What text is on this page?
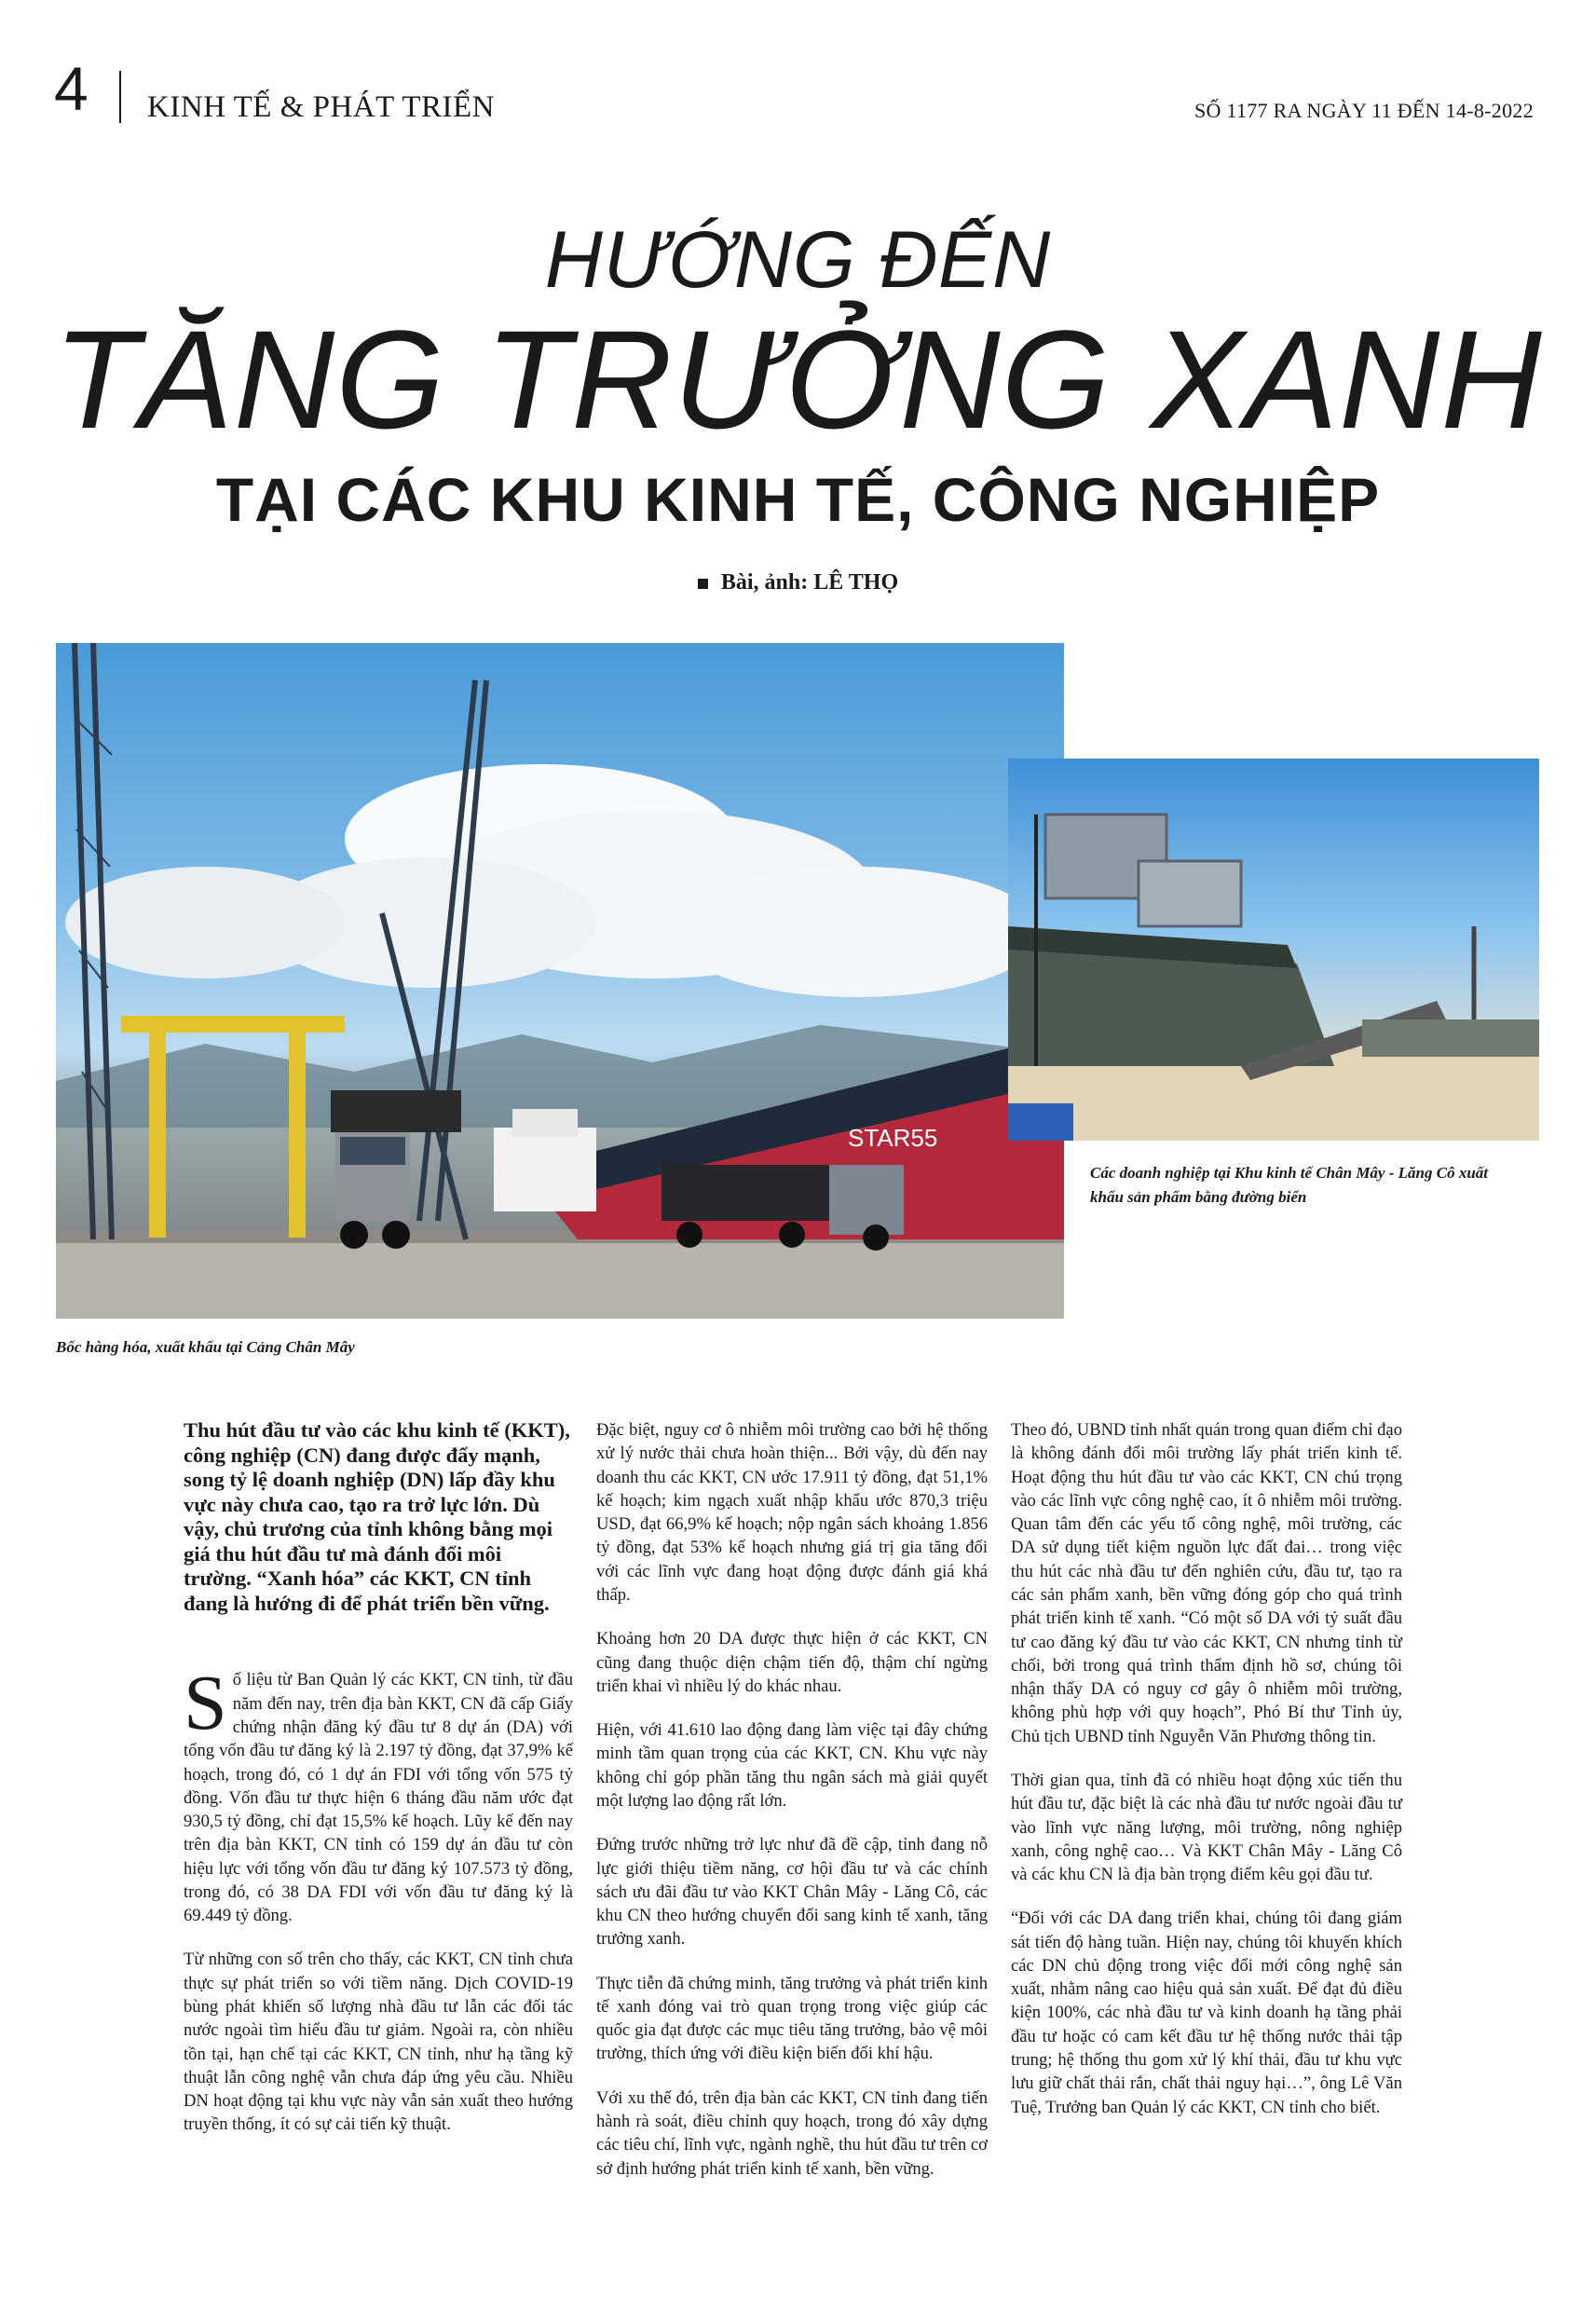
4 KINH TẾ & PHÁT TRIỂN	SỐ 1177 RA NGÀY 11 ĐẾN 14-8-2022
HƯỚNG ĐẾN
TĂNG TRƯỞNG XANH
TẠI CÁC KHU KINH TẾ, CÔNG NGHIỆP
Bài, ảnh: LÊ THỌ
STAR55
Bốc hàng hóa, xuất khẩu tại Cảng Chân Mây
Các doanh nghiệp tại Khu kinh tế Chân Mây - Lăng Cô xuất khẩu sản phẩm bằng đường biển

Thu hút đầu tư vào các khu kinh tế (KKT), công nghiệp (CN) đang được đẩy mạnh, song tỷ lệ doanh nghiệp (DN) lấp đầy khu vực này chưa cao, tạo ra trở lực lớn. Dù vậy, chủ trương của tỉnh không bằng mọi giá thu hút đầu tư mà đánh đổi môi trường. “Xanh hóa” các KKT, CN tỉnh đang là hướng đi để phát triển bền vững.

Số liệu từ Ban Quản lý các KKT, CN tỉnh, từ đầu năm đến nay, trên địa bàn KKT, CN đã cấp Giấy chứng nhận đăng ký đầu tư 8 dự án (DA) với tổng vốn đầu tư đăng ký là 2.197 tỷ đồng, đạt 37,9% kế hoạch, trong đó, có 1 dự án FDI với tổng vốn 575 tỷ đồng. Vốn đầu tư thực hiện 6 tháng đầu năm ước đạt 930,5 tỷ đồng, chỉ đạt 15,5% kế hoạch. Lũy kế đến nay trên địa bàn KKT, CN tỉnh có 159 dự án đầu tư còn hiệu lực với tổng vốn đầu tư đăng ký 107.573 tỷ đồng, trong đó, có 38 DA FDI với vốn đầu tư đăng ký là 69.449 tỷ đồng.

Từ những con số trên cho thấy, các KKT, CN tỉnh chưa thực sự phát triển so với tiềm năng. Dịch COVID-19 bùng phát khiến số lượng nhà đầu tư lẫn các đối tác nước ngoài tìm hiểu đầu tư giảm. Ngoài ra, còn nhiều tồn tại, hạn chế tại các KKT, CN tỉnh, như hạ tầng kỹ thuật lẫn công nghệ vẫn chưa đáp ứng yêu cầu. Nhiều DN hoạt động tại khu vực này vẫn sản xuất theo hướng truyền thống, ít có sự cải tiến kỹ thuật.

Đặc biệt, nguy cơ ô nhiễm môi trường cao bởi hệ thống xử lý nước thải chưa hoàn thiện... Bởi vậy, dù đến nay doanh thu các KKT, CN ước 17.911 tỷ đồng, đạt 51,1% kế hoạch; kim ngạch xuất nhập khẩu ước 870,3 triệu USD, đạt 66,9% kế hoạch; nộp ngân sách khoảng 1.856 tỷ đồng, đạt 53% kế hoạch nhưng giá trị gia tăng đối với các lĩnh vực đang hoạt động được đánh giá khá thấp.

Khoảng hơn 20 DA được thực hiện ở các KKT, CN cũng đang thuộc diện chậm tiến độ, thậm chí ngừng triển khai vì nhiều lý do khác nhau.

Hiện, với 41.610 lao động đang làm việc tại đây chứng minh tầm quan trọng của các KKT, CN. Khu vực này không chỉ góp phần tăng thu ngân sách mà giải quyết một lượng lao động rất lớn.

Đứng trước những trở lực như đã đề cập, tỉnh đang nỗ lực giới thiệu tiềm năng, cơ hội đầu tư và các chính sách ưu đãi đầu tư vào KKT Chân Mây - Lăng Cô, các khu CN theo hướng chuyển đổi sang kinh tế xanh, tăng trưởng xanh.

Thực tiễn đã chứng minh, tăng trưởng và phát triển kinh tế xanh đóng vai trò quan trọng trong việc giúp các quốc gia đạt được các mục tiêu tăng trưởng, bảo vệ môi trường, thích ứng với điều kiện biến đổi khí hậu.

Với xu thế đó, trên địa bàn các KKT, CN tỉnh đang tiến hành rà soát, điều chỉnh quy hoạch, trong đó xây dựng các tiêu chí, lĩnh vực, ngành nghề, thu hút đầu tư trên cơ sở định hướng phát triển kinh tế xanh, bền vững.

Theo đó, UBND tỉnh nhất quán trong quan điểm chỉ đạo là không đánh đổi môi trường lấy phát triển kinh tế. Hoạt động thu hút đầu tư vào các KKT, CN chú trọng vào các lĩnh vực công nghệ cao, ít ô nhiễm môi trường. Quan tâm đến các yếu tố công nghệ, môi trường, các DA sử dụng tiết kiệm nguồn lực đất đai… trong việc thu hút các nhà đầu tư đến nghiên cứu, đầu tư, tạo ra các sản phẩm xanh, bền vững đóng góp cho quá trình phát triển kinh tế xanh. “Có một số DA với tỷ suất đầu tư cao đăng ký đầu tư vào các KKT, CN nhưng tỉnh từ chối, bởi trong quá trình thẩm định hồ sơ, chúng tôi nhận thấy DA có nguy cơ gây ô nhiễm môi trường, không phù hợp với quy hoạch”, Phó Bí thư Tỉnh ủy, Chủ tịch UBND tỉnh Nguyễn Văn Phương thông tin.

Thời gian qua, tỉnh đã có nhiều hoạt động xúc tiến thu hút đầu tư, đặc biệt là các nhà đầu tư nước ngoài đầu tư vào lĩnh vực năng lượng, môi trường, nông nghiệp xanh, công nghệ cao… Và KKT Chân Mây - Lăng Cô và các khu CN là địa bàn trọng điểm kêu gọi đầu tư.

“Đối với các DA đang triển khai, chúng tôi đang giám sát tiến độ hàng tuần. Hiện nay, chúng tôi khuyến khích các DN chủ động trong việc đổi mới công nghệ sản xuất, nhằm nâng cao hiệu quả sản xuất. Để đạt đủ điều kiện 100%, các nhà đầu tư và kinh doanh hạ tầng phải đầu tư hoặc có cam kết đầu tư hệ thống nước thải tập trung; hệ thống thu gom xử lý khí thải, đầu tư khu vực lưu giữ chất thải rắn, chất thải nguy hại…”, ông Lê Văn Tuệ, Trưởng ban Quản lý các KKT, CN tỉnh cho biết.
